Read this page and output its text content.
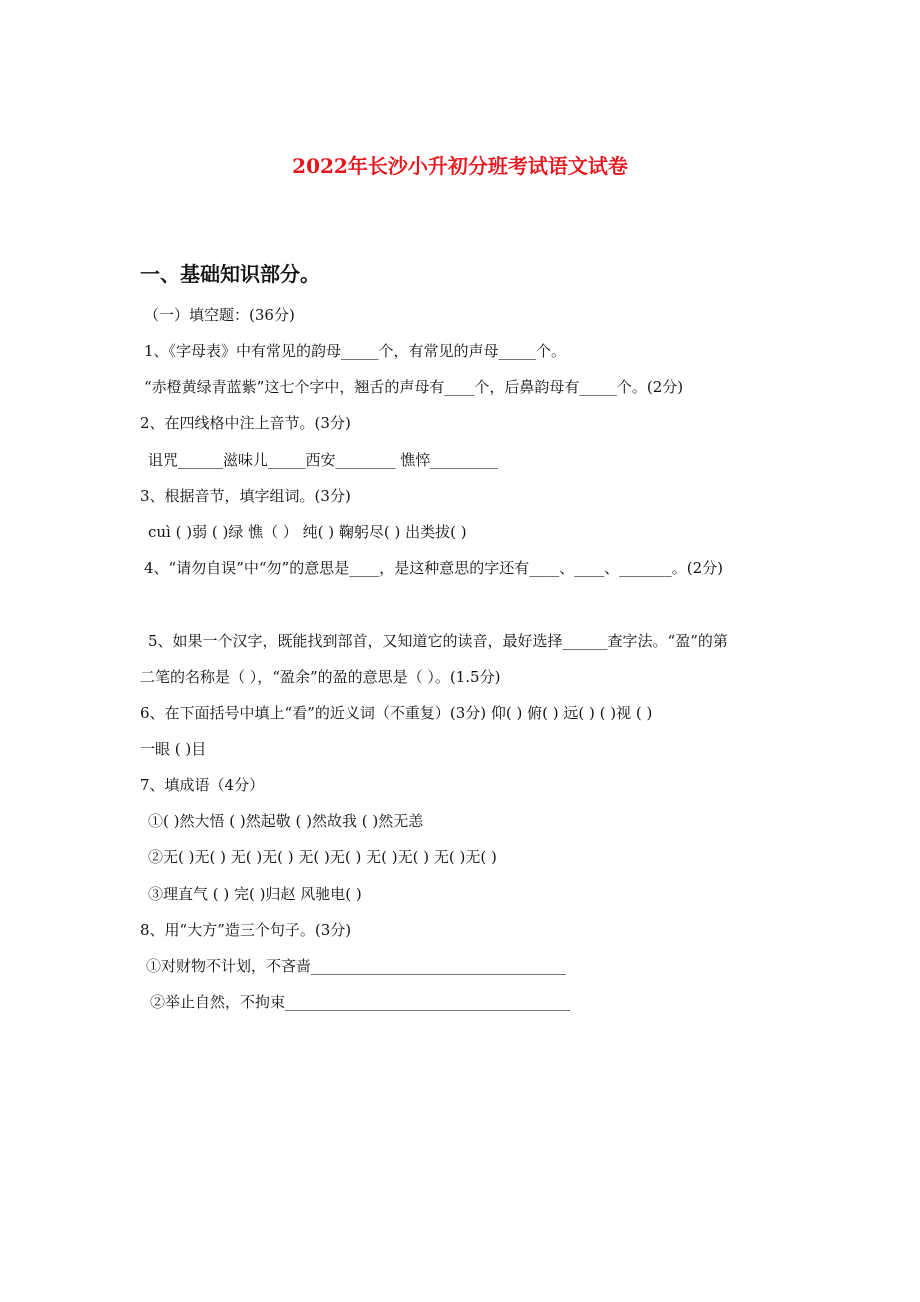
2022年长沙小升初分班考试语文试卷
一、基础知识部分。
（一）填空题：(36分)
1、《字母表》中有常见的韵母_____个，有常见的声母_____个。
“赤橙黄绿青蓝紫”这七个字中，翘舌的声母有____个，后鼻韵母有_____个。(2分)
2、在四线格中注上音节。(3分)
诅咒______滋味儿_____西安________ 憔悴_________
3、根据音节，填字组词。(3分)
cuì ( )弱 ( )绿 憔（ ） 纯( ) 鞠躬尽( ) 出类拔( )
4、“请勿自误”中“勿”的意思是____，是这种意思的字还有____、____、_______。(2分)
5、如果一个汉字，既能找到部首，又知道它的读音，最好选择______查字法。“盈”的第
二笔的名称是（ ），“盈余”的盈的意思是（ ）。(1.5分)
6、在下面括号中填上“看”的近义词（不重复）(3分) 仰( ) 俯( ) 远( ) ( )视 ( )
一眼 ( )目
7、填成语（4分）
①( )然大悟 ( )然起敬 ( )然故我 ( )然无恙
②无( )无( ) 无( )无( ) 无( )无( ) 无( )无( ) 无( )无( )
③理直气 ( ) 完( )归赵 风驰电( )
8、用“大方”造三个句子。(3分)
①对财物不计划，不吝啬__________________________________
②举止自然，不拘束______________________________________
